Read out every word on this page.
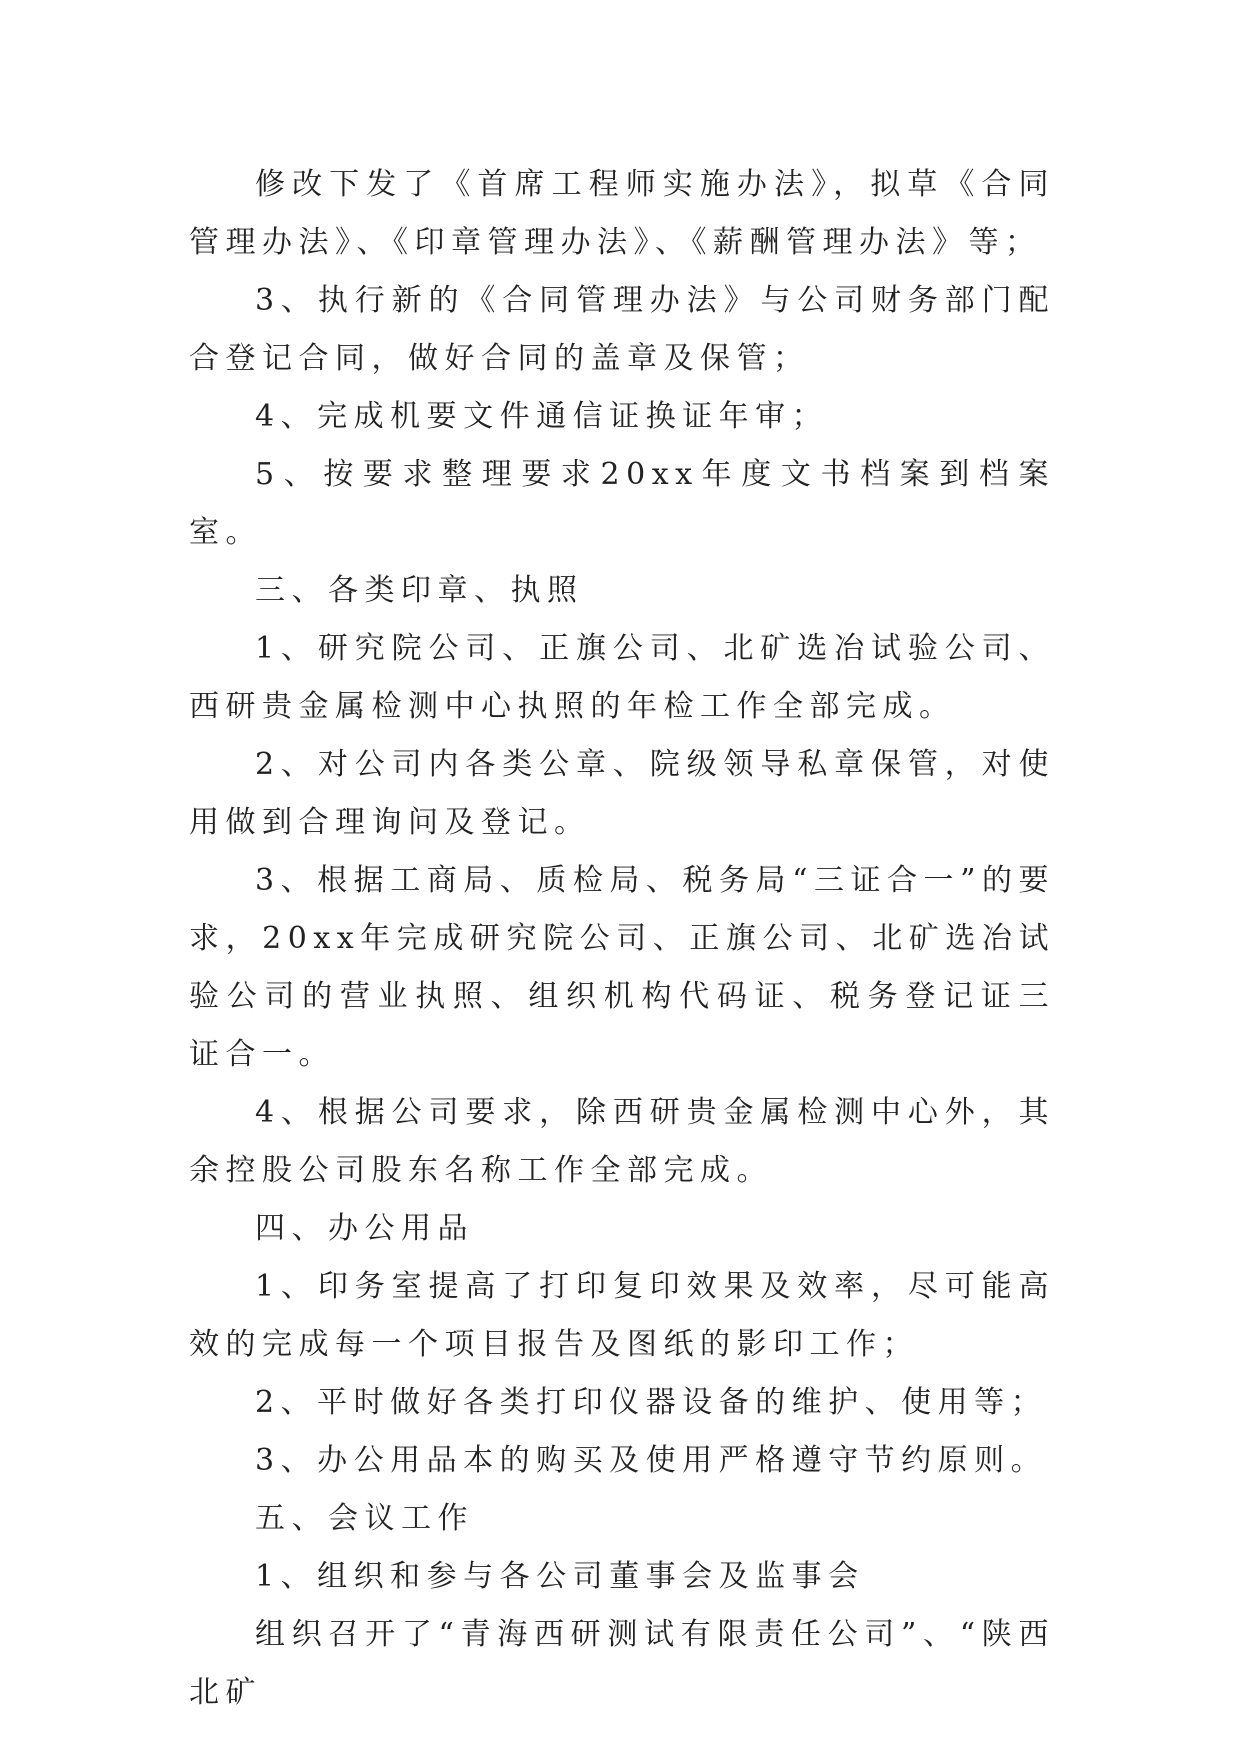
修改下发了《首席工程师实施办法》，拟草《合同管理办法》、《印章管理办法》、《薪酬管理办法》等；

3、执行新的《合同管理办法》与公司财务部门配合登记合同，做好合同的盖章及保管；

4、完成机要文件通信证换证年审；

5、按要求整理要求20xx年度文书档案到档案室。

三、各类印章、执照

1、研究院公司、正旗公司、北矿选冶试验公司、西研贵金属检测中心执照的年检工作全部完成。

2、对公司内各类公章、院级领导私章保管，对使用做到合理询问及登记。

3、根据工商局、质检局、税务局“三证合一”的要求，20xx年完成研究院公司、正旗公司、北矿选冶试验公司的营业执照、组织机构代码证、税务登记证三证合一。

4、根据公司要求，除西研贵金属检测中心外，其余控股公司股东名称工作全部完成。

四、办公用品

1、印务室提高了打印复印效果及效率，尽可能高效的完成每一个项目报告及图纸的影印工作；

2、平时做好各类打印仪器设备的维护、使用等；

3、办公用品本的购买及使用严格遵守节约原则。

五、会议工作

1、组织和参与各公司董事会及监事会

组织召开了“青海西研测试有限责任公司”、“陕西北矿
